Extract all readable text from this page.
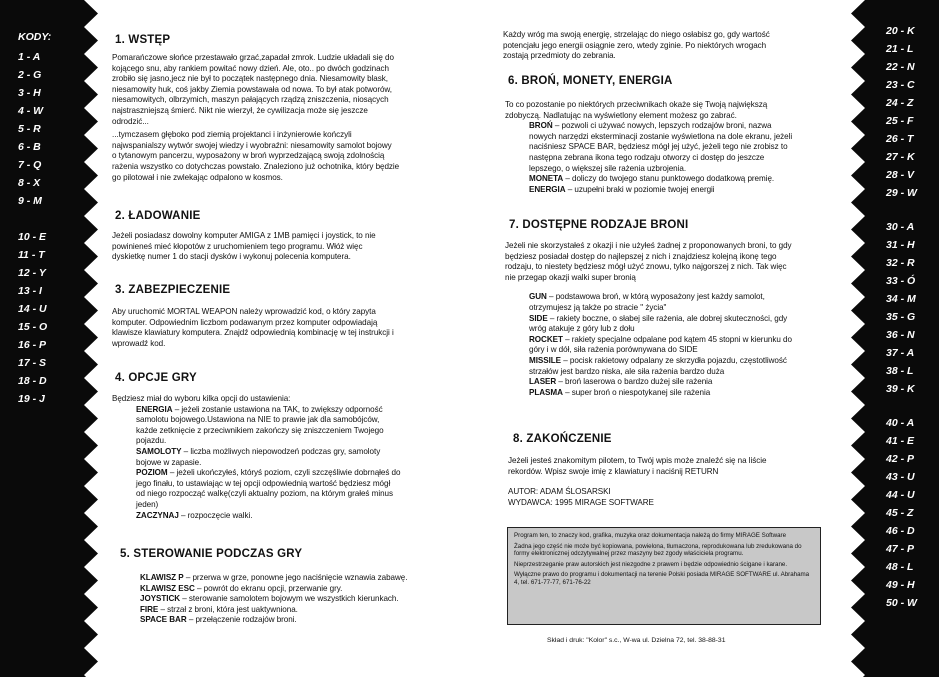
KODY:
1 - A
2 - G
3 - H
4 - W
5 - R
6 - B
7 - Q
8 - X
9 - M
10 - E
11 - T
12 - Y
13 - I
14 - U
15 - O
16 - P
17 - S
18 - D
19 - J
20 - K
21 - L
22 - N
23 - C
24 - Z
25 - F
26 - T
27 - K
28 - V
29 - W
30 - A
31 - H
32 - R
33 - Ó
34 - M
35 - G
36 - N
37 - A
38 - L
39 - K
40 - A
41 - E
42 - P
43 - U
44 - U
45 - Z
46 - D
47 - P
48 - L
49 - H
50 - W
1. WSTĘP

Pomarańczowe słońce przestawało grzać,zapadał zmrok. Ludzie układali się do

kojącego snu, aby rankiem powitać nowy dzień. Ale, oto.. po dwóch godzinach

zrobiło się jasno,jecz nie był to początek następnego dnia. Niesamowity blask,

niesamowity huk, coś jakby Ziemia powstawała od nowa. To był atak potworów,

niesamowitych, olbrzymich, maszyn pałających rządzą zniszczenia, niosących

najstraszniejszą śmierć. Nikt nie wierzył, że cywilizacja może się jeszcze

odrodzić...

...tymczasem głęboko pod ziemią projektanci i inżynierowie kończyli

najwspanialszy wytwór swojej wiedzy i wyobraźni: niesamowity samolot bojowy

o tytanowym pancerzu, wyposażony w broń wyprzedzającą swoją zdolnością

rażenia wszystko co dotychczas powstało. Znaleziono już ochotnika, który będzie

go pilotował i nie zwlekając odpalono w kosmos.

2. ŁADOWANIE

Jeżeli posiadasz dowolny komputer AMIGA z 1MB pamięci i joystick, to nie

powinieneś mieć kłopotów z uruchomieniem tego programu. Włóż więc

dyskietkę numer 1 do stacji dysków i wykonuj polecenia komputera.

3. ZABEZPIECZENIE

Aby uruchomić MORTAL WEAPON należy wprowadzić kod, o który zapyta

komputer. Odpowiednim liczbom podawanym przez komputer odpowiadają

klawisze klawiatury komputera. Znajdź odpowiednią kombinację w tej instrukcji i

wprowadź kod.

4. OPCJE GRY

Będziesz miał do wyboru kilka opcji do ustawienia:

ENERGIA – jeżeli zostanie ustawiona na TAK, to zwiększy odporność

samolotu bojowego.Ustawiona na NIE to prawie jak dla samobójców,

każde zetknięcie z przeciwnikiem zakończy się zniszczeniem Twojego

pojazdu.

SAMOLOTY – liczba możliwych niepowodzeń podczas gry, samoloty

bojowe w zapasie.

POZIOM – jeżeli ukończyłeś, któryś poziom, czyli szczęśliwie dobrnąłeś do

jego finału, to ustawiając w tej opcji odpowiednią wartość będziesz mógł

od niego rozpocząć walkę(czyli aktualny poziom, na którym grałeś minus

jeden)

ZACZYNAJ – rozpoczęcie walki.

5. STEROWANIE PODCZAS GRY

KLAWISZ P – przerwa w grze, ponowne jego naciśnięcie wznawia zabawę.

KLAWISZ ESC – powrót do ekranu opcji, przerwanie gry.

JOYSTICK – sterowanie samolotem bojowym we wszystkich kierunkach.

FIRE – strzał z broni, która jest uaktywniona.

SPACE BAR – przełączenie rodzajów broni.

Każdy wróg ma swoją energię, strzelając do niego osłabisz go, gdy wartość

potencjału jego energii osiągnie zero, wtedy zginie. Po niektórych wrogach

zostają przedmioty do zebrania.

6. BROŃ, MONETY, ENERGIA

To co pozostanie po niektórych przeciwnikach okaże się Twoją największą

zdobyczą. Nadlatując na wyświetlony element możesz go zabrać.

BROŃ – pozwoli ci używać nowych, lepszych rodzajów broni, nazwa

nowych narzędzi eksterminacji zostanie wyświetlona na dole ekranu, jeżeli

naciśniesz SPACE BAR, będziesz mógł jej użyć, jeżeli tego nie zrobisz to

następna zebrana ikona tego rodzaju otworzy ci dostęp do jeszcze

lepszego, o większej sile rażenia uzbrojenia.

MONETA – doliczy do twojego stanu punktowego dodatkową premię.

ENERGIA – uzupełni braki w poziomie twojej energii

7. DOSTĘPNE RODZAJE BRONI

Jeżeli nie skorzystałeś z okazji i nie użyłeś żadnej z proponowanych broni, to gdy

będziesz posiadał dostęp do najlepszej z nich i znajdziesz kolejną ikonę tego

rodzaju, to niestety będziesz mógł użyć znowu, tylko najgorszej z nich. Tak więc

nie przegap okazji walki super bronią

GUN – podstawowa broń, w którą wyposażony jest każdy samolot,

otrzymujesz ją także po stracie " życia"

SIDE – rakiety boczne, o słabej sile rażenia, ale dobrej skuteczności, gdy

wróg atakuje z góry lub z dołu

ROCKET – rakiety specjalne odpalane pod kątem 45 stopni w kierunku do

góry i w dół, siła rażenia porównywana do SIDE

MISSILE – pocisk rakietowy odpalany ze skrzydła pojazdu, częstotliwość

strzałów jest bardzo niska, ale siła rażenia bardzo duża

LASER – broń laserowa o bardzo dużej sile rażenia

PLASMA – super broń o niespotykanej sile rażenia

8. ZAKOŃCZENIE

Jeżeli jesteś znakomitym pilotem, to Twój wpis może znaleźć się na liście

rekordów. Wpisz swoje imię z klawiatury i naciśnij RETURN

AUTOR: ADAM ŚLOSARSKI

WYDAWCA: 1995 MIRAGE SOFTWARE

Program ten, to znaczy kod, grafika, muzyka oraz dokumentacja należą do firmy MIRAGE Software

Żadna jego część nie może być kopiowana, powielona, tłumaczona, reprodukowana lub zredukowana do formy elektronicznej odczytywalnej przez maszyny bez zgody właściciela programu.

Nieprzestrzeganie praw autorskich jest niezgodne z prawem i będzie odpowiednio ścigane i karane.

Wyłączne prawo do programu i dokumentacji na terenie Polski posiada MIRAGE SOFTWARE ul. Abrahama 4, tel. 671-77-77, 671-76-22

Skład i druk: "Kolor" s.c., W-wa ul. Dzielna 72, tel. 38-88-31
